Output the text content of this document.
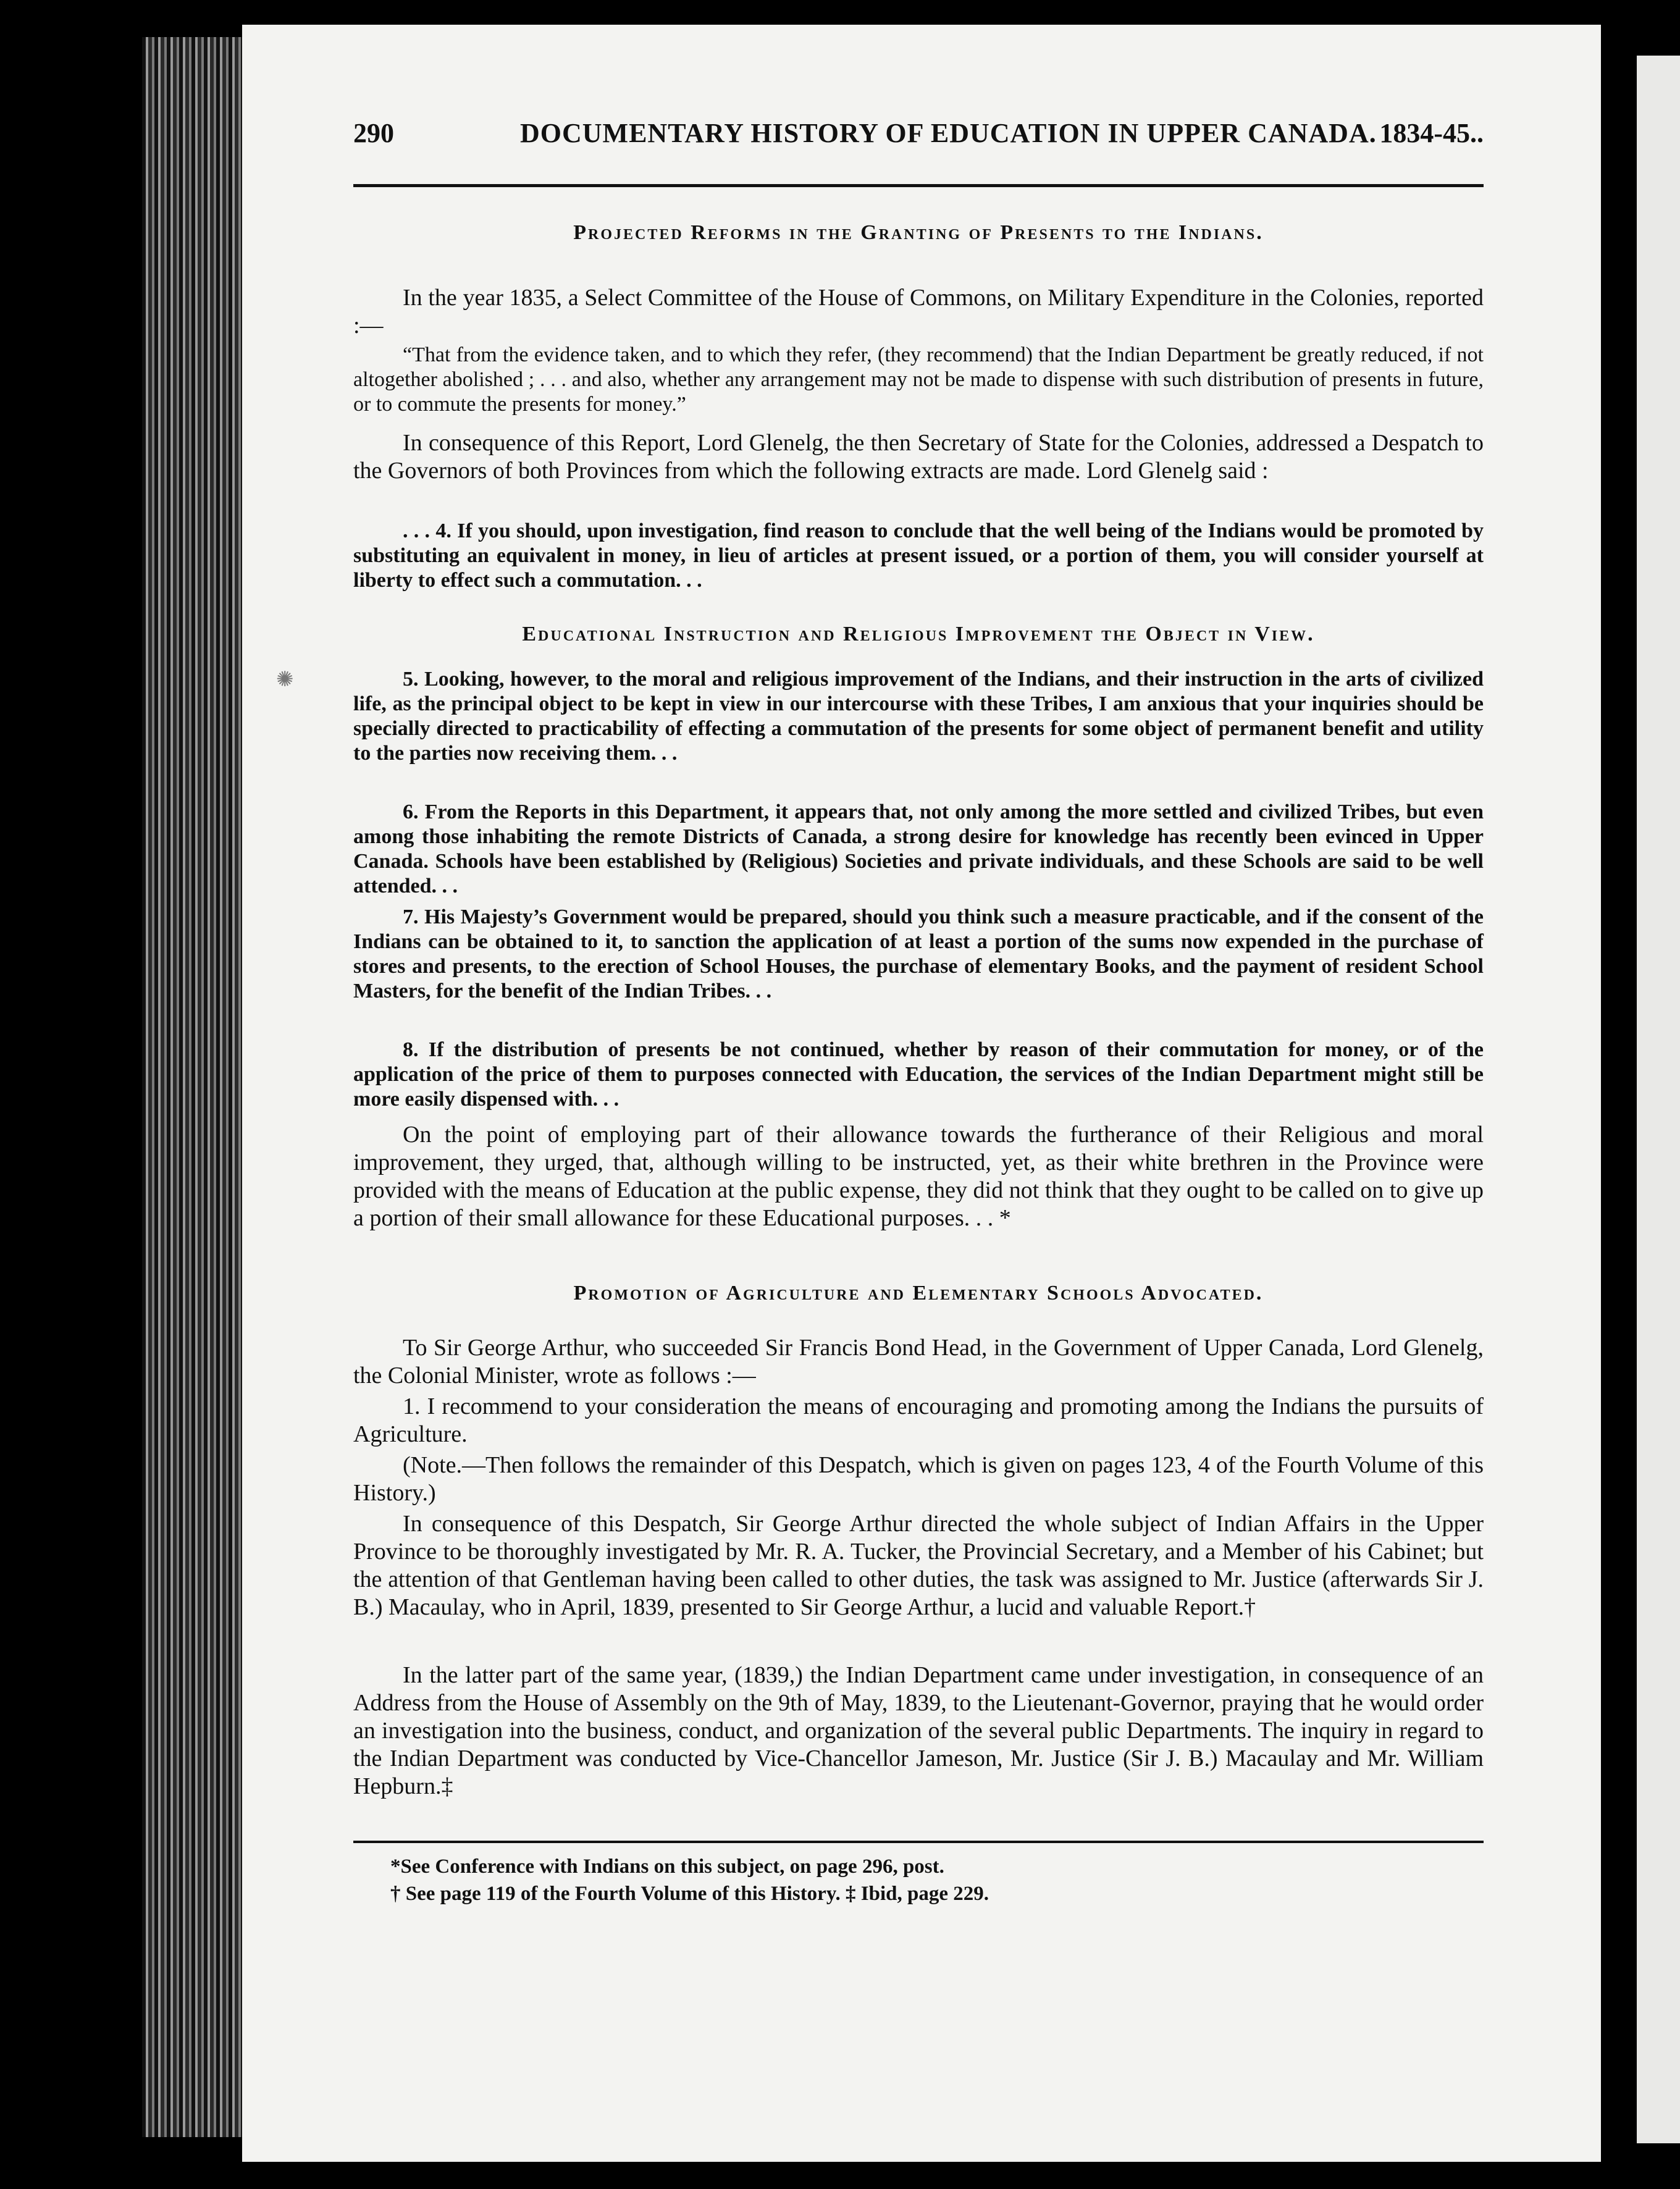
✺
290	DOCUMENTARY HISTORY OF EDUCATION IN UPPER CANADA. 1834-45..
Projected Reforms in the Granting of Presents to the Indians.

In the year 1835, a Select Committee of the House of Commons, on Military Expenditure in the Colonies, reported :—

“That from the evidence taken, and to which they refer, (they recommend) that the Indian Department be greatly reduced, if not altogether abolished ; . . . and also, whether any arrangement may not be made to dispense with such distribution of presents in future, or to commute the presents for money.”

In consequence of this Report, Lord Glenelg, the then Secretary of State for the Colonies, addressed a Despatch to the Governors of both Provinces from which the following extracts are made. Lord Glenelg said :

. . . 4. If you should, upon investigation, find reason to conclude that the well being of the Indians would be promoted by substituting an equivalent in money, in lieu of articles at present issued, or a portion of them, you will consider yourself at liberty to effect such a commutation. . .

Educational Instruction and Religious Improvement the Object in View.

5. Looking, however, to the moral and religious improvement of the Indians, and their instruction in the arts of civilized life, as the principal object to be kept in view in our intercourse with these Tribes, I am anxious that your inquiries should be specially directed to practicability of effecting a commutation of the presents for some object of permanent benefit and utility to the parties now receiving them. . .

6. From the Reports in this Department, it appears that, not only among the more settled and civilized Tribes, but even among those inhabiting the remote Districts of Canada, a strong desire for knowledge has recently been evinced in Upper Canada. Schools have been established by (Religious) Societies and private individuals, and these Schools are said to be well attended. . .

7. His Majesty’s Government would be prepared, should you think such a measure practicable, and if the consent of the Indians can be obtained to it, to sanction the application of at least a portion of the sums now expended in the purchase of stores and presents, to the erection of School Houses, the purchase of elementary Books, and the payment of resident School Masters, for the benefit of the Indian Tribes. . .

8. If the distribution of presents be not continued, whether by reason of their commutation for money, or of the application of the price of them to purposes connected with Education, the services of the Indian Department might still be more easily dispensed with. . .

On the point of employing part of their allowance towards the furtherance of their Religious and moral improvement, they urged, that, although willing to be instructed, yet, as their white brethren in the Province were provided with the means of Education at the public expense, they did not think that they ought to be called on to give up a portion of their small allowance for these Educational purposes. . . *

Promotion of Agriculture and Elementary Schools Advocated.

To Sir George Arthur, who succeeded Sir Francis Bond Head, in the Government of Upper Canada, Lord Glenelg, the Colonial Minister, wrote as follows :—

1. I recommend to your consideration the means of encouraging and promoting among the Indians the pursuits of Agriculture.

(Note.—Then follows the remainder of this Despatch, which is given on pages 123, 4 of the Fourth Volume of this History.)

In consequence of this Despatch, Sir George Arthur directed the whole subject of Indian Affairs in the Upper Province to be thoroughly investigated by Mr. R. A. Tucker, the Provincial Secretary, and a Member of his Cabinet; but the attention of that Gentleman having been called to other duties, the task was assigned to Mr. Justice (afterwards Sir J. B.) Macaulay, who in April, 1839, presented to Sir George Arthur, a lucid and valuable Report.†

In the latter part of the same year, (1839,) the Indian Department came under investigation, in consequence of an Address from the House of Assembly on the 9th of May, 1839, to the Lieutenant-Governor, praying that he would order an investigation into the business, conduct, and organization of the several public Departments. The inquiry in regard to the Indian Department was conducted by Vice-Chancellor Jameson, Mr. Justice (Sir J. B.) Macaulay and Mr. William Hepburn.‡

*See Conference with Indians on this subject, on page 296, post.

† See page 119 of the Fourth Volume of this History. ‡ Ibid, page 229.
